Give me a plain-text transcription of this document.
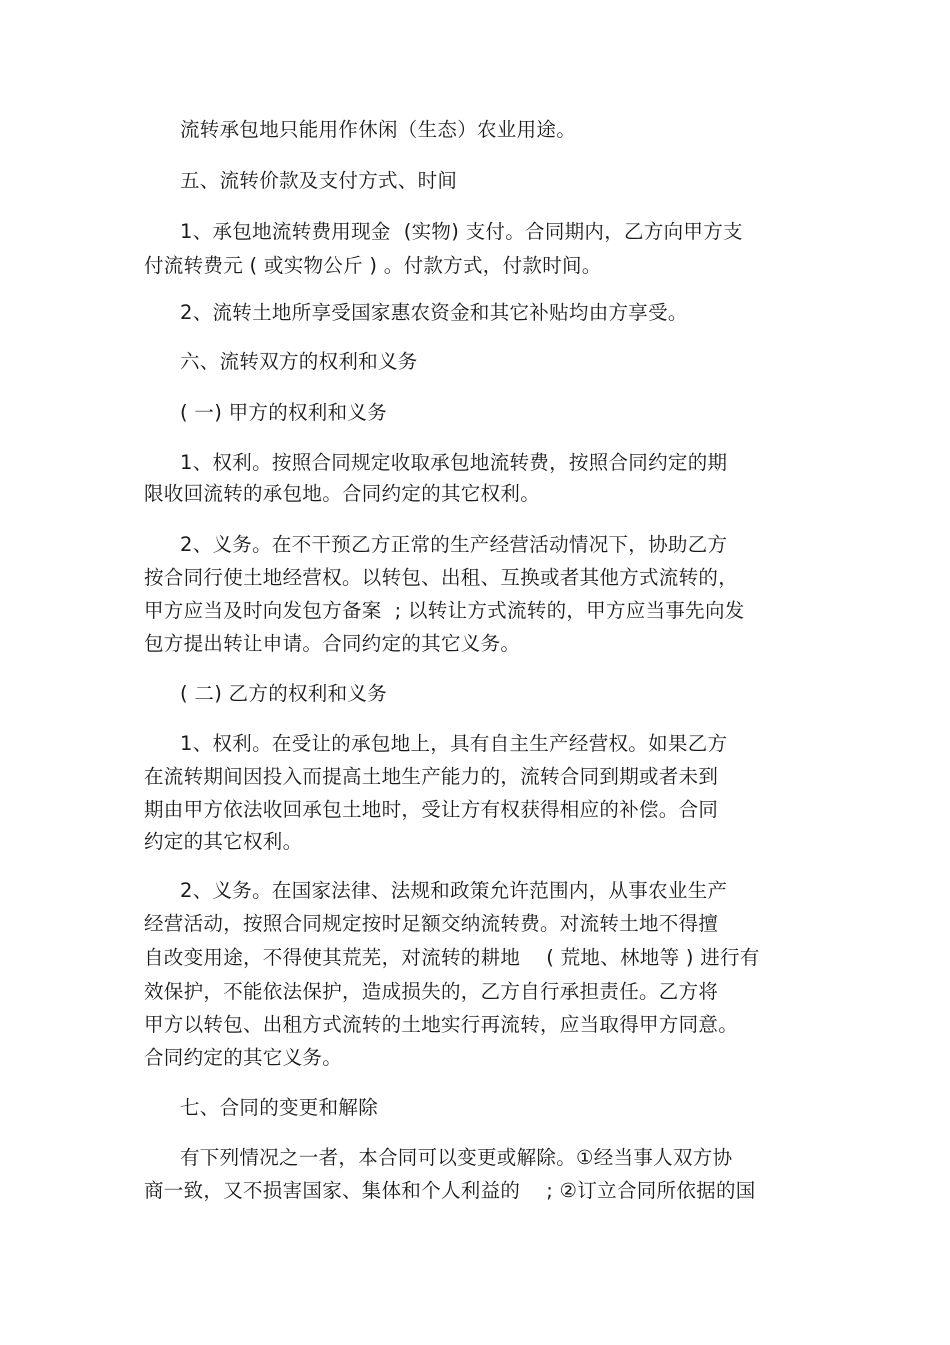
流转承包地只能用作休闲（生态）农业用途。
五、流转价款及支付方式、时间
1、承包地流转费用现金  (实物) 支付。合同期内，乙方向甲方支
付流转费元 ( 或实物公斤 ) 。付款方式，付款时间。
2、流转土地所享受国家惠农资金和其它补贴均由方享受。
六、流转双方的权利和义务
( 一) 甲方的权利和义务
1、权利。按照合同规定收取承包地流转费，按照合同约定的期
限收回流转的承包地。合同约定的其它权利。
2、义务。在不干预乙方正常的生产经营活动情况下，协助乙方
按合同行使土地经营权。以转包、出租、互换或者其他方式流转的，
甲方应当及时向发包方备案  ; 以转让方式流转的，甲方应当事先向发
包方提出转让申请。合同约定的其它义务。
( 二) 乙方的权利和义务
1、权利。在受让的承包地上，具有自主生产经营权。如果乙方
在流转期间因投入而提高土地生产能力的，流转合同到期或者未到
期由甲方依法收回承包土地时，受让方有权获得相应的补偿。合同
约定的其它权利。
2、义务。在国家法律、法规和政策允许范围内，从事农业生产
经营活动，按照合同规定按时足额交纳流转费。对流转土地不得擅
自改变用途，不得使其荒芜，对流转的耕地    ( 荒地、林地等 ) 进行有
效保护，不能依法保护，造成损失的，乙方自行承担责任。乙方将
甲方以转包、出租方式流转的土地实行再流转，应当取得甲方同意。
合同约定的其它义务。
七、合同的变更和解除
有下列情况之一者，本合同可以变更或解除。①经当事人双方协
商一致，又不损害国家、集体和个人利益的    ; ②订立合同所依据的国
